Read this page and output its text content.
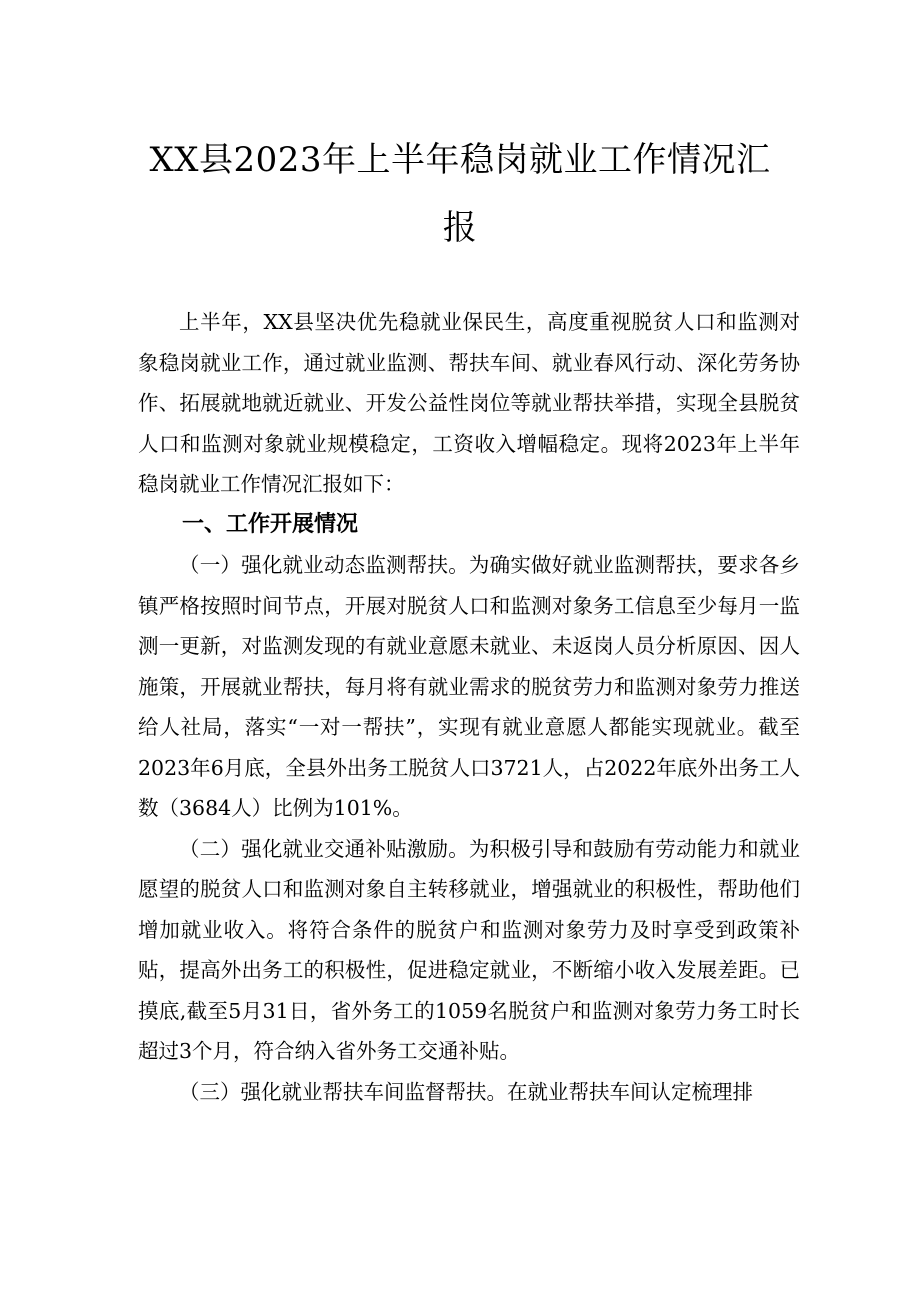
XX县2023年上半年稳岗就业工作情况汇
报

上半年，XX县坚决优先稳就业保民生，高度重视脱贫人口和监测对象稳岗就业工作，通过就业监测、帮扶车间、就业春风行动、深化劳务协作、拓展就地就近就业、开发公益性岗位等就业帮扶举措，实现全县脱贫人口和监测对象就业规模稳定，工资收入增幅稳定。现将2023年上半年稳岗就业工作情况汇报如下：

一、工作开展情况

（一）强化就业动态监测帮扶。为确实做好就业监测帮扶，要求各乡镇严格按照时间节点，开展对脱贫人口和监测对象务工信息至少每月一监测一更新，对监测发现的有就业意愿未就业、未返岗人员分析原因、因人施策，开展就业帮扶，每月将有就业需求的脱贫劳力和监测对象劳力推送给人社局，落实“一对一帮扶”，实现有就业意愿人都能实现就业。截至2023年6月底，全县外出务工脱贫人口3721人，占2022年底外出务工人数（3684人）比例为101%。

（二）强化就业交通补贴激励。为积极引导和鼓励有劳动能力和就业愿望的脱贫人口和监测对象自主转移就业，增强就业的积极性，帮助他们增加就业收入。将符合条件的脱贫户和监测对象劳力及时享受到政策补贴，提高外出务工的积极性，促进稳定就业，不断缩小收入发展差距。已摸底,截至5月31日，省外务工的1059名脱贫户和监测对象劳力务工时长超过3个月，符合纳入省外务工交通补贴。

（三）强化就业帮扶车间监督帮扶。在就业帮扶车间认定梳理排
